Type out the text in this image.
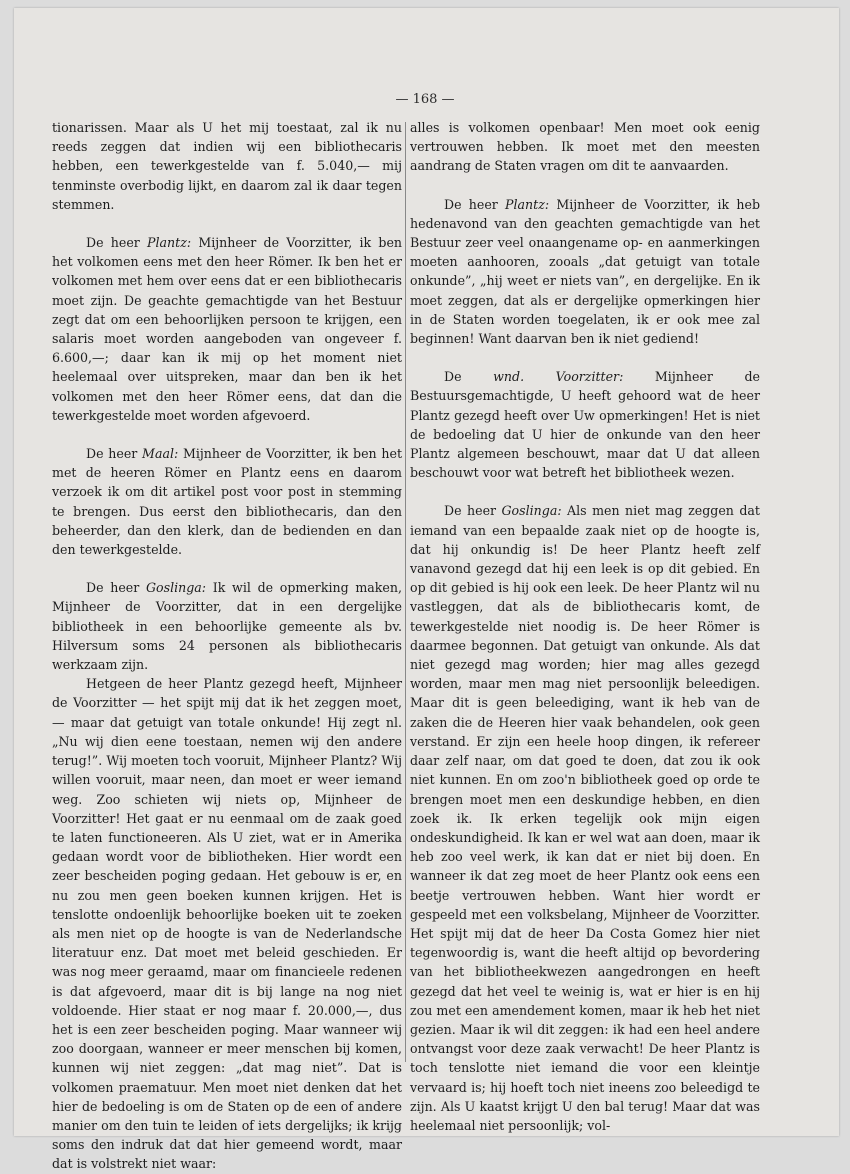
— 168 —

tionarissen. Maar als U het mij toestaat, zal ik nu reeds zeggen dat indien wij een bibliothecaris hebben, een tewerkgestelde van f. 5.040,— mij tenminste overbodig lijkt, en daarom zal ik daar tegen stemmen.

De heer Plantz: Mijnheer de Voorzitter, ik ben het volkomen eens met den heer Römer. Ik ben het er volkomen met hem over eens dat er een bibliothecaris moet zijn. De geachte gemachtigde van het Bestuur zegt dat om een behoorlijken persoon te krijgen, een salaris moet worden aangeboden van ongeveer f. 6.600,—; daar kan ik mij op het moment niet heelemaal over uitspreken, maar dan ben ik het volkomen met den heer Römer eens, dat dan die tewerkgestelde moet worden afgevoerd.

De heer Maal: Mijnheer de Voorzitter, ik ben het met de heeren Römer en Plantz eens en daarom verzoek ik om dit artikel post voor post in stemming te brengen. Dus eerst den bibliothecaris, dan den beheerder, dan den klerk, dan de bedienden en dan den tewerkgestelde.

De heer Goslinga: Ik wil de opmerking maken, Mijnheer de Voorzitter, dat in een dergelijke bibliotheek in een behoorlijke gemeente als bv. Hilversum soms 24 personen als bibliothecaris werkzaam zijn.

Hetgeen de heer Plantz gezegd heeft, Mijnheer de Voorzitter — het spijt mij dat ik het zeggen moet, — maar dat getuigt van totale onkunde! Hij zegt nl. „Nu wij dien eene toestaan, nemen wij den andere terug!”. Wij moeten toch vooruit, Mijnheer Plantz? Wij willen vooruit, maar neen, dan moet er weer iemand weg. Zoo schieten wij niets op, Mijnheer de Voorzitter! Het gaat er nu eenmaal om de zaak goed te laten functioneeren. Als U ziet, wat er in Amerika gedaan wordt voor de bibliotheken. Hier wordt een zeer bescheiden poging gedaan. Het gebouw is er, en nu zou men geen boeken kunnen krijgen. Het is tenslotte ondoenlijk behoorlijke boeken uit te zoeken als men niet op de hoogte is van de Nederlandsche literatuur enz. Dat moet met beleid geschieden. Er was nog meer geraamd, maar om financieele redenen is dat afgevoerd, maar dit is bij lange na nog niet voldoende. Hier staat er nog maar f. 20.000,—, dus het is een zeer bescheiden poging. Maar wanneer wij zoo doorgaan, wanneer er meer menschen bij komen, kunnen wij niet zeggen: „dat mag niet”. Dat is volkomen praematuur. Men moet niet denken dat het hier de bedoeling is om de Staten op de een of andere manier om den tuin te leiden of iets dergelijks; ik krijg soms den indruk dat dat hier gemeend wordt, maar dat is volstrekt niet waar:

alles is volkomen openbaar! Men moet ook eenig vertrouwen hebben. Ik moet met den meesten aandrang de Staten vragen om dit te aanvaarden.

De heer Plantz: Mijnheer de Voorzitter, ik heb hedenavond van den geachten gemachtigde van het Bestuur zeer veel onaangename op- en aanmerkingen moeten aanhooren, zooals „dat getuigt van totale onkunde”, „hij weet er niets van”, en dergelijke. En ik moet zeggen, dat als er dergelijke opmerkingen hier in de Staten worden toegelaten, ik er ook mee zal beginnen! Want daarvan ben ik niet gediend!

De wnd. Voorzitter: Mijnheer de Bestuursgemachtigde, U heeft gehoord wat de heer Plantz gezegd heeft over Uw opmerkingen! Het is niet de bedoeling dat U hier de onkunde van den heer Plantz algemeen beschouwt, maar dat U dat alleen beschouwt voor wat betreft het bibliotheek wezen.

De heer Goslinga: Als men niet mag zeggen dat iemand van een bepaalde zaak niet op de hoogte is, dat hij onkundig is! De heer Plantz heeft zelf vanavond gezegd dat hij een leek is op dit gebied. En op dit gebied is hij ook een leek. De heer Plantz wil nu vastleggen, dat als de bibliothecaris komt, de tewerkgestelde niet noodig is. De heer Römer is daarmee begonnen. Dat getuigt van onkunde. Als dat niet gezegd mag worden; hier mag alles gezegd worden, maar men mag niet persoonlijk beleedigen. Maar dit is geen beleediging, want ik heb van de zaken die de Heeren hier vaak behandelen, ook geen verstand. Er zijn een heele hoop dingen, ik refereer daar zelf naar, om dat goed te doen, dat zou ik ook niet kunnen. En om zoo'n bibliotheek goed op orde te brengen moet men een deskundige hebben, en dien zoek ik. Ik erken tegelijk ook mijn eigen ondeskundigheid. Ik kan er wel wat aan doen, maar ik heb zoo veel werk, ik kan dat er niet bij doen. En wanneer ik dat zeg moet de heer Plantz ook eens een beetje vertrouwen hebben. Want hier wordt er gespeeld met een volksbelang, Mijnheer de Voorzitter. Het spijt mij dat de heer Da Costa Gomez hier niet tegenwoordig is, want die heeft altijd op bevordering van het bibliotheekwezen aangedrongen en heeft gezegd dat het veel te weinig is, wat er hier is en hij zou met een amendement komen, maar ik heb het niet gezien. Maar ik wil dit zeggen: ik had een heel andere ontvangst voor deze zaak verwacht! De heer Plantz is toch tenslotte niet iemand die voor een kleintje vervaard is; hij hoeft toch niet ineens zoo beleedigd te zijn. Als U kaatst krijgt U den bal terug! Maar dat was heelemaal niet persoonlijk; vol-
